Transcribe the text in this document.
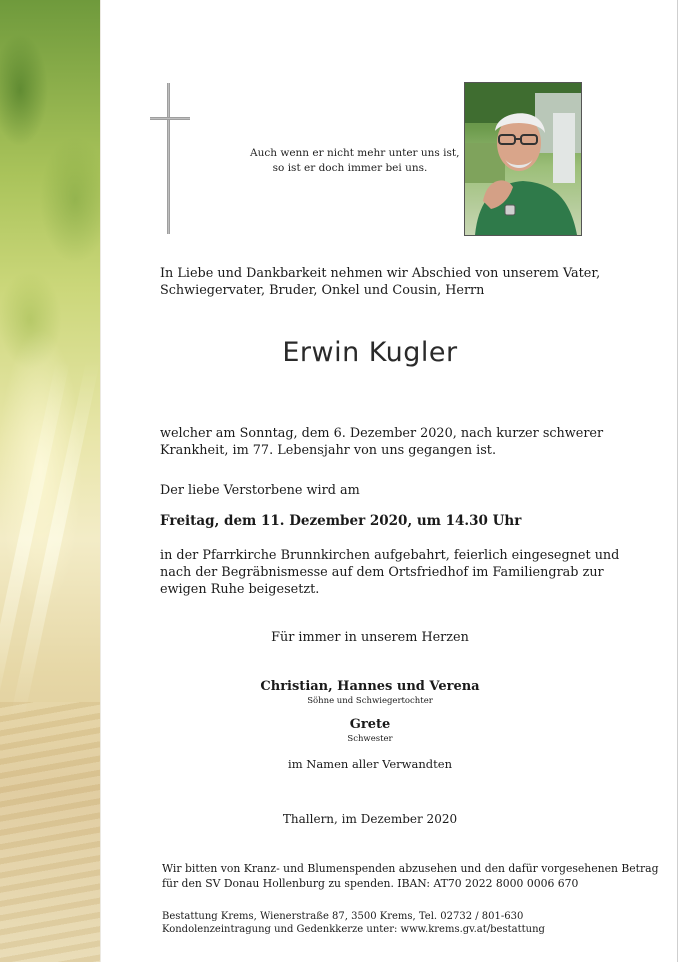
Auch wenn er nicht mehr unter uns ist,
so ist er doch immer bei uns.
In Liebe und Dankbarkeit nehmen wir Abschied von unserem Vater,
Schwiegervater, Bruder, Onkel und Cousin, Herrn
Erwin Kugler
welcher am Sonntag, dem 6. Dezember 2020, nach kurzer schwerer
Krankheit, im 77. Lebensjahr von uns gegangen ist.
Der liebe Verstorbene wird am
Freitag, dem 11. Dezember 2020, um 14.30 Uhr
in der Pfarrkirche Brunnkirchen aufgebahrt, feierlich eingesegnet und
nach der Begräbnismesse auf dem Ortsfriedhof im Familiengrab zur
ewigen Ruhe beigesetzt.
Für immer in unserem Herzen
Christian, Hannes und Verena
Söhne und Schwiegertochter
Grete
Schwester
im Namen aller Verwandten
Thallern, im Dezember 2020
Wir bitten von Kranz- und Blumenspenden abzusehen und den dafür vorgesehenen Betrag
für den SV Donau Hollenburg zu spenden. IBAN: AT70 2022 8000 0006 670
Bestattung Krems, Wienerstraße 87, 3500 Krems, Tel. 02732 / 801-630
Kondolenzeintragung und Gedenkkerze unter: www.krems.gv.at/bestattung
